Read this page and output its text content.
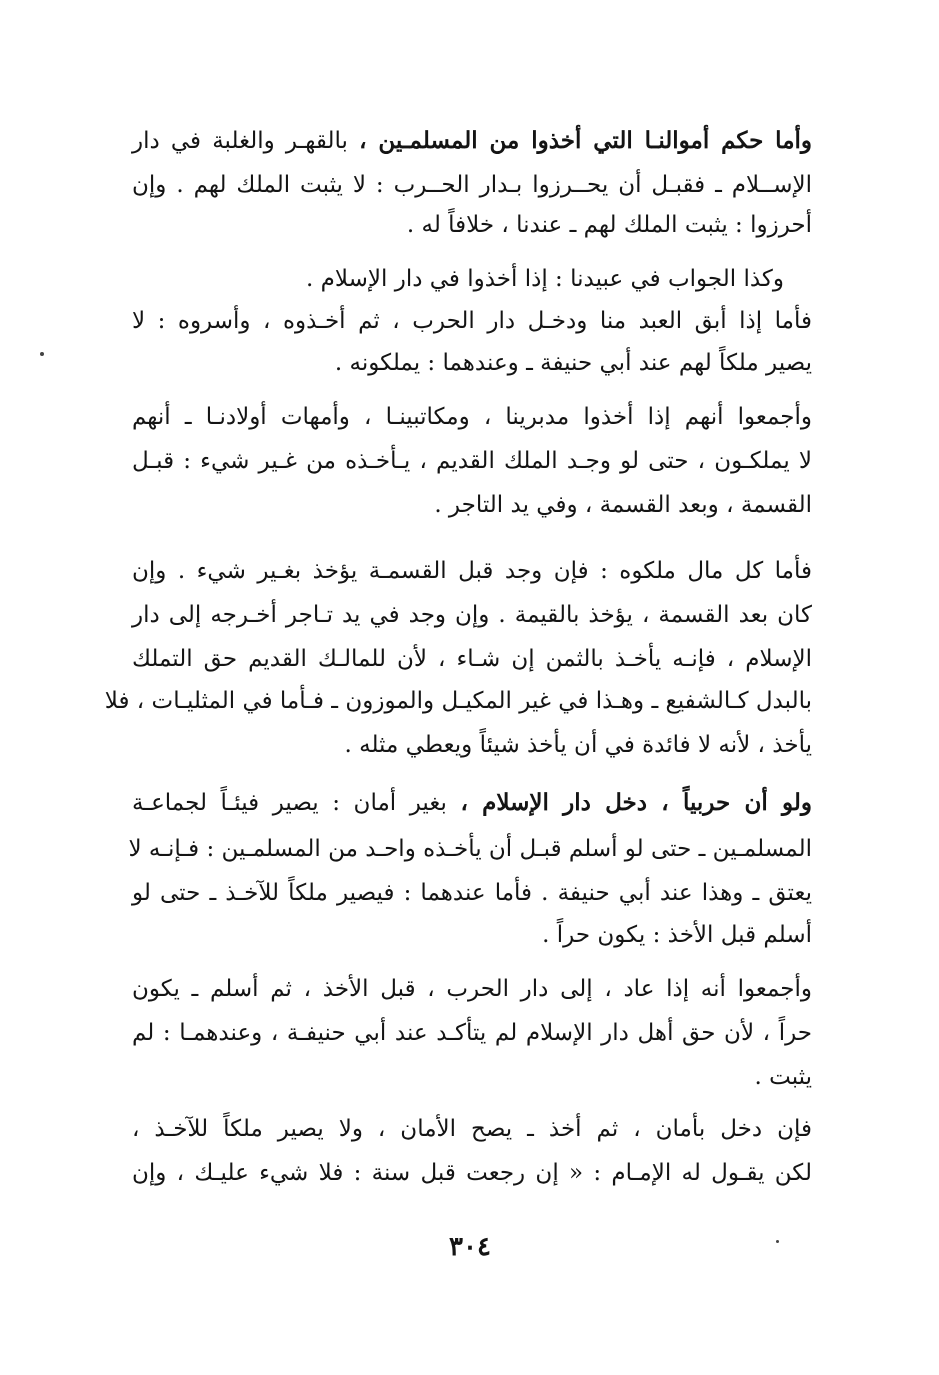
وأما حكم أموالنـا التي أخذوا من المسلمـين ، بالقهـر والغلبة في دار
الإســلام ـ فقبـل أن يحــرزوا بـدار الحــرب : لا يثبت الملك لهم . وإن
أحرزوا : يثبت الملك لهم ـ عندنا ، خلافاً له .
وكذا الجواب في عبيدنا : إذا أخذوا في دار الإسلام .
فأما إذا أبق العبد منا ودخـل دار الحرب ، ثم أخـذوه ، وأسروه : لا
يصير ملكاً لهم عند أبي حنيفة ـ وعندهما : يملكونه .
وأجمعوا أنهم إذا أخذوا مدبرينا ، ومكاتبينـا ، وأمهات أولادنـا ـ أنهم
لا يملكـون ، حتى لو وجـد الملك القديم ، يـأخـذه من غـير شيء : قبـل
القسمة ، وبعد القسمة ، وفي يد التاجر .
فأما كل مال ملكوه : فإن وجد قبل القسمـة يؤخذ بغـير شيء . وإن
كان بعد القسمة ، يؤخذ بالقيمة . وإن وجد في يد تـاجر أخـرجه إلى دار
الإسلام ، فإنـه يأخـذ بالثمن إن شـاء ، لأن للمالـك القديم حق التملك
بالبدل كـالشفيع ـ وهـذا في غير المكيـل والموزون ـ فـأما في المثليـات ، فلا
يأخذ ، لأنه لا فائدة في أن يأخذ شيئاً ويعطي مثله .
ولو أن حربياً ، دخل دار الإسلام ، بغير أمان : يصير فيئـاً لجماعـة
المسلمـين ـ حتى لو أسلم قبـل أن يأخـذه واحـد من المسلمـين : فـإنـه لا
يعتق ـ وهذا عند أبي حنيفة . فأما عندهما : فيصير ملكاً للآخـذ ـ حتى لو
أسلم قبل الأخذ : يكون حراً .
وأجمعوا أنه إذا عاد ، إلى دار الحرب ، قبل الأخذ ، ثم أسلم ـ يكون
حراً ، لأن حق أهل دار الإسلام لم يتأكـد عند أبي حنيفـة ، وعندهمـا : لم
يثبت .
فإن دخل بأمان ، ثم أخذ ـ يصح الأمان ، ولا يصير ملكاً للآخـذ ،
لكن يقـول له الإمـام : « إن رجعت قبل سنة : فلا شيء عليـك ، وإن
٣٠٤
